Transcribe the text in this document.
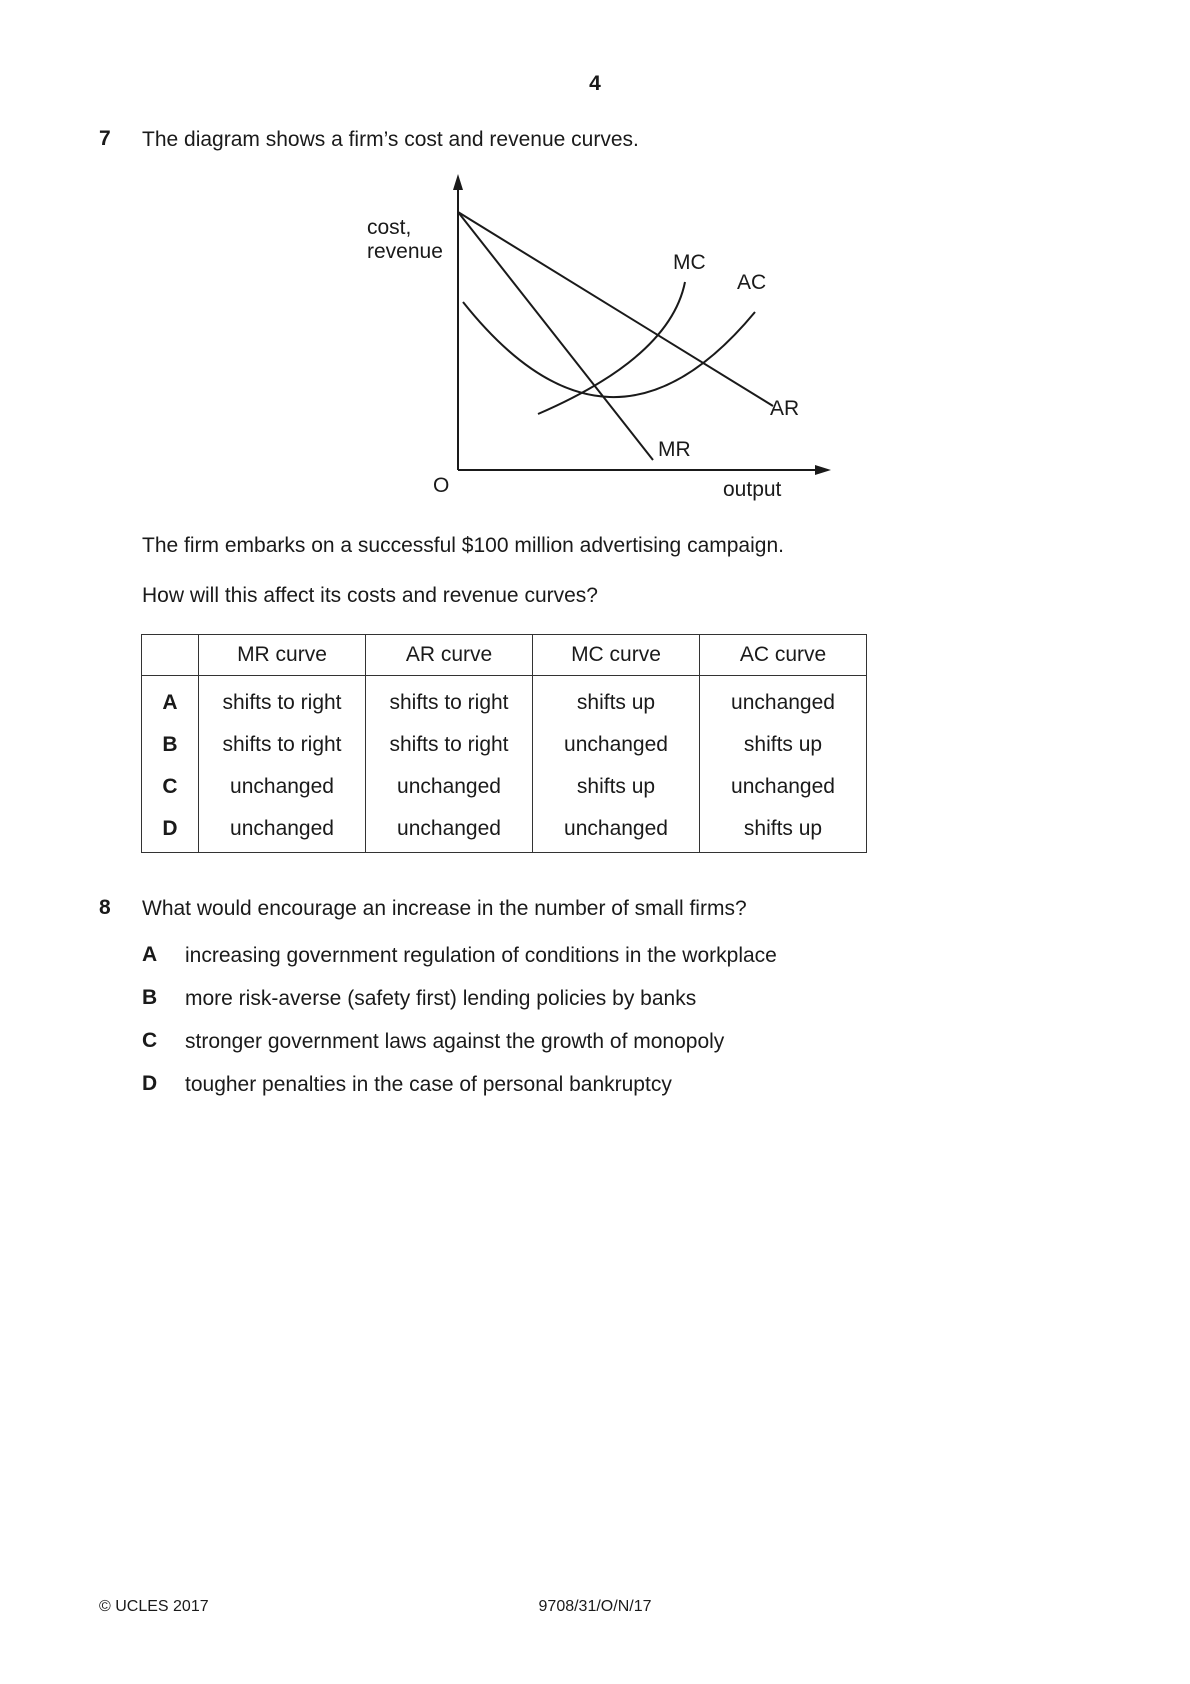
4
7 The diagram shows a firm’s cost and revenue curves.
cost,
revenue	MC
AC
AR
MR
O	output
The firm embarks on a successful $100 million advertising campaign.
How will this affect its costs and revenue curves?
	MR curve	AR curve	MC curve	AC curve
A	shifts to right	shifts to right	shifts up	unchanged
B	shifts to right	shifts to right	unchanged	shifts up
C	unchanged	unchanged	shifts up	unchanged
D	unchanged	unchanged	unchanged	shifts up
8 What would encourage an increase in the number of small firms?
A increasing government regulation of conditions in the workplace
B more risk-averse (safety first) lending policies by banks
C stronger government laws against the growth of monopoly
D tougher penalties in the case of personal bankruptcy
© UCLES 2017	9708/31/O/N/17
